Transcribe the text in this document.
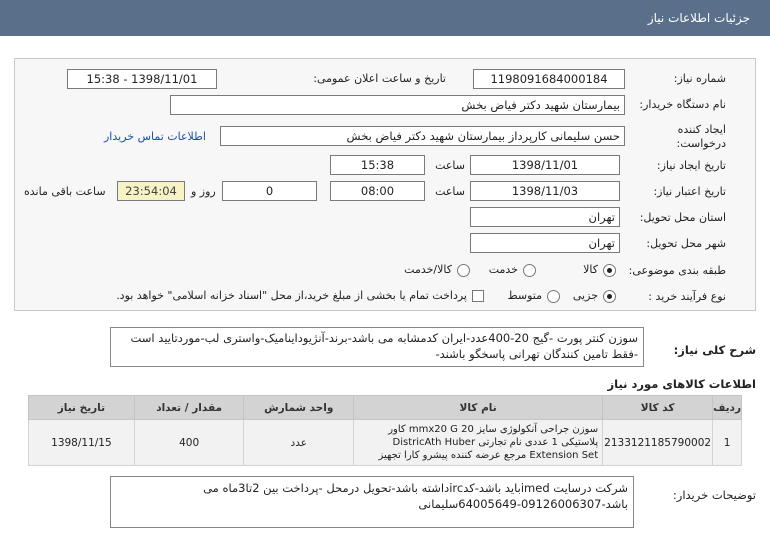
جزئیات اطلاعات نیاز
شماره نیاز:
1198091684000184
تاریخ و ساعت اعلان عمومی:
1398/11/01 - 15:38
نام دستگاه خریدار:
بیمارستان شهید دکتر فیاض بخش
ایجاد کننده درخواست:
حسن سلیمانی کارپرداز بیمارستان شهید دکتر فیاض بخش
اطلاعات تماس خریدار
تاریخ ایجاد نیاز:
1398/11/01
ساعت
15:38
تاریخ اعتبار نیاز:
1398/11/03
ساعت
08:00
0
روز و
23:54:04
ساعت باقی مانده
استان محل تحویل:
تهران
شهر محل تحویل:
تهران
طبقه بندی موضوعی:
کالا
خدمت
کالا/خدمت
نوع فرآیند خرید :
جزیی
متوسط
پرداخت تمام یا بخشی از مبلغ خرید،از محل "اسناد خزانه اسلامی" خواهد بود.
شرح کلی نیاز:
سوزن کنتر پورت -گیج 20-400عدد-ایران کدمشابه می باشد-برند-آنژیوداینامیک-واستری لب-موردتایید است -فقط تامین کنندگان تهرانی پاسخگو باشند-
اطلاعات کالاهای مورد نیاز
ردیف	کد کالا	نام کالا	واحد شمارش	مقدار / تعداد	تاریخ نیاز
1	2133121185790002	سوزن جراحی آنکولوژی سایز mmx20 G 20 کاور پلاستیکی 1 عددی نام تجارتی DistricAth Huber Extension Set مرجع عرضه کننده پیشرو کارا تجهیز	عدد	400	1398/11/15
توضیحات خریدار:
شرکت درسایت imedباید باشد-کدircداشته باشد-تحویل درمحل -پرداخت بین 2تا3ماه می باشد-09126006307-64005649سلیمانی
